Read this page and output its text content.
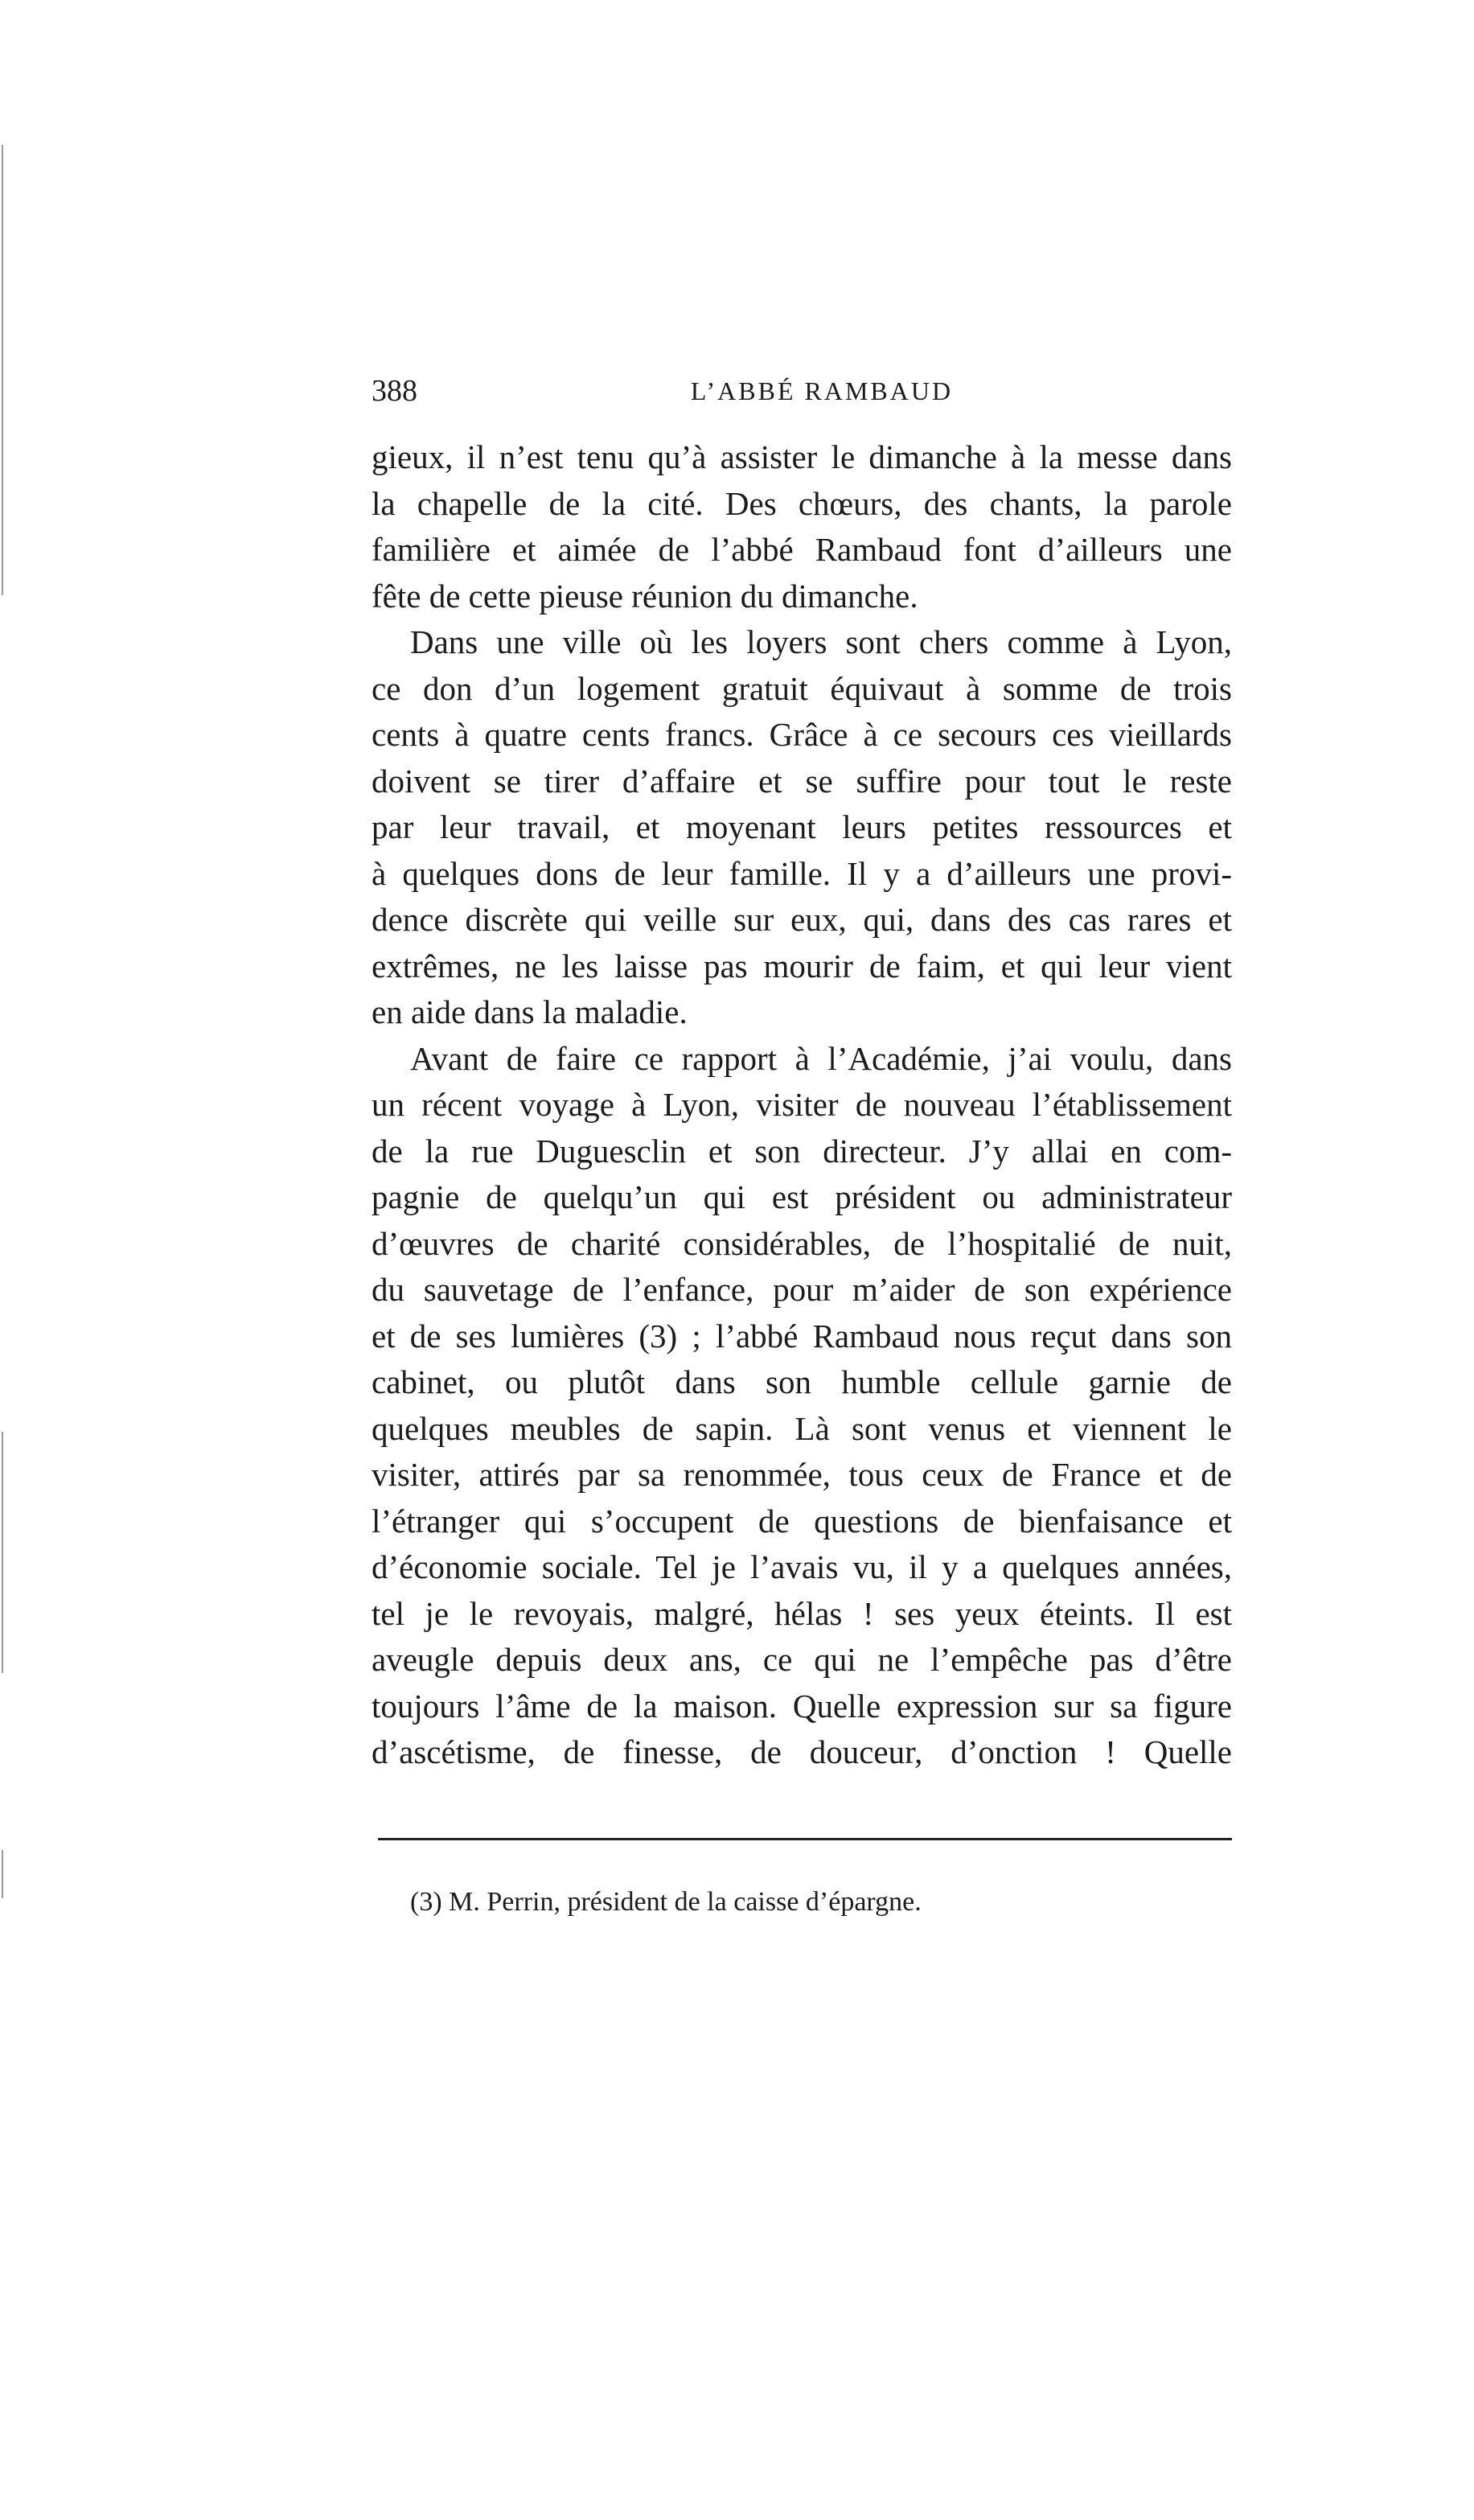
388	L’ABBÉ RAMBAUD
gieux, il n’est tenu qu’à assister le dimanche à la messe dans
la chapelle de la cité. Des chœurs, des chants, la parole
familière et aimée de l’abbé Rambaud font d’ailleurs une
fête de cette pieuse réunion du dimanche.
Dans une ville où les loyers sont chers comme à Lyon,
ce don d’un logement gratuit équivaut à somme de trois
cents à quatre cents francs. Grâce à ce secours ces vieillards
doivent se tirer d’affaire et se suffire pour tout le reste
par leur travail, et moyenant leurs petites ressources et
à quelques dons de leur famille. Il y a d’ailleurs une provi-
dence discrète qui veille sur eux, qui, dans des cas rares et
extrêmes, ne les laisse pas mourir de faim, et qui leur vient
en aide dans la maladie.
Avant de faire ce rapport à l’Académie, j’ai voulu, dans
un récent voyage à Lyon, visiter de nouveau l’établissement
de la rue Duguesclin et son directeur. J’y allai en com-
pagnie de quelqu’un qui est président ou administrateur
d’œuvres de charité considérables, de l’hospitalié de nuit,
du sauvetage de l’enfance, pour m’aider de son expérience
et de ses lumières (3) ; l’abbé Rambaud nous reçut dans son
cabinet, ou plutôt dans son humble cellule garnie de
quelques meubles de sapin. Là sont venus et viennent le
visiter, attirés par sa renommée, tous ceux de France et de
l’étranger qui s’occupent de questions de bienfaisance et
d’économie sociale. Tel je l’avais vu, il y a quelques années,
tel je le revoyais, malgré, hélas ! ses yeux éteints. Il est
aveugle depuis deux ans, ce qui ne l’empêche pas d’être
toujours l’âme de la maison. Quelle expression sur sa figure
d’ascétisme, de finesse, de douceur, d’onction ! Quelle
(3) M. Perrin, président de la caisse d’épargne.
